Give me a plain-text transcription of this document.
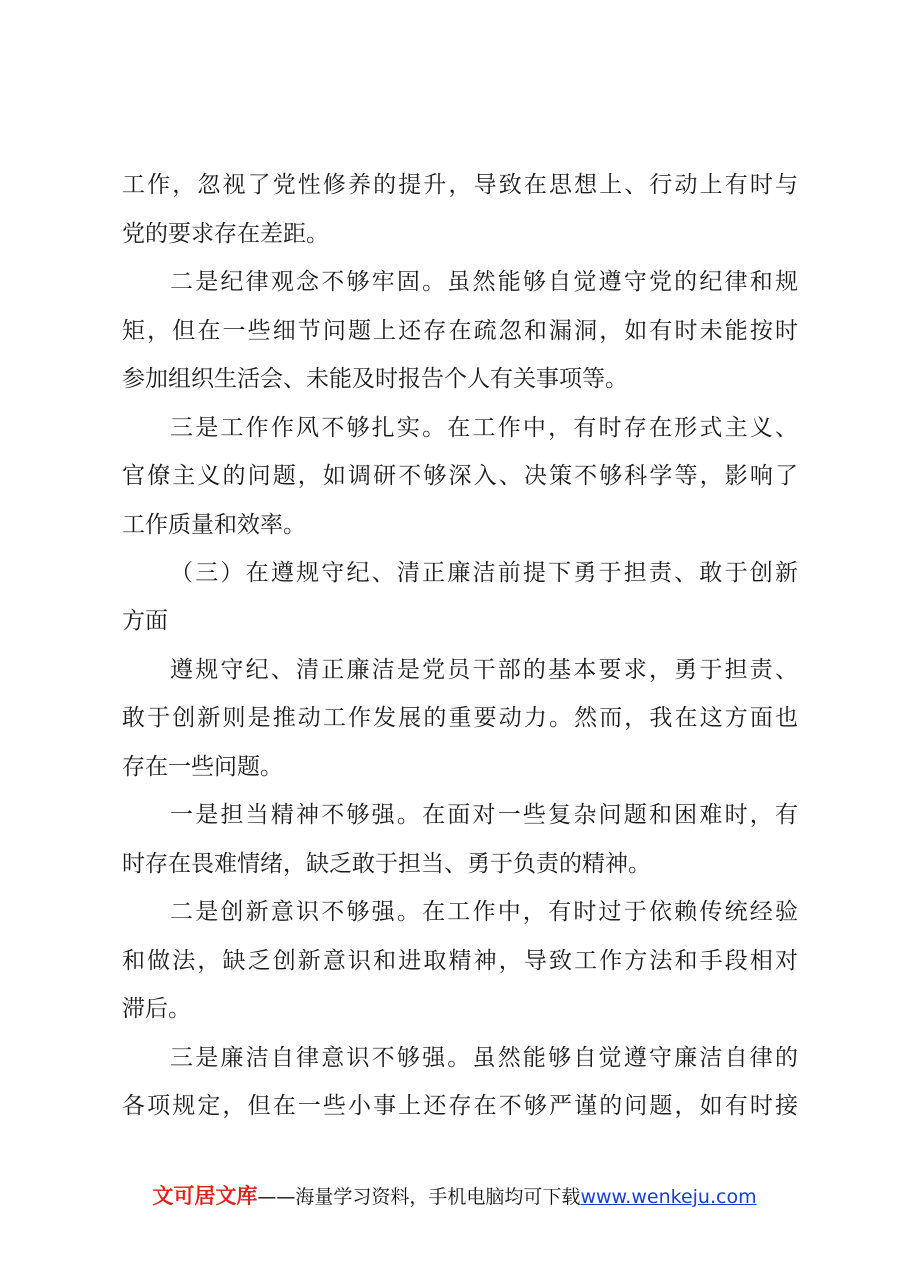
工作，忽视了党性修养的提升，导致在思想上、行动上有时与
党的要求存在差距。
二是纪律观念不够牢固。虽然能够自觉遵守党的纪律和规
矩，但在一些细节问题上还存在疏忽和漏洞，如有时未能按时
参加组织生活会、未能及时报告个人有关事项等。
三是工作作风不够扎实。在工作中，有时存在形式主义、
官僚主义的问题，如调研不够深入、决策不够科学等，影响了
工作质量和效率。
（三）在遵规守纪、清正廉洁前提下勇于担责、敢于创新
方面
遵规守纪、清正廉洁是党员干部的基本要求，勇于担责、
敢于创新则是推动工作发展的重要动力。然而，我在这方面也
存在一些问题。
一是担当精神不够强。在面对一些复杂问题和困难时，有
时存在畏难情绪，缺乏敢于担当、勇于负责的精神。
二是创新意识不够强。在工作中，有时过于依赖传统经验
和做法，缺乏创新意识和进取精神，导致工作方法和手段相对
滞后。
三是廉洁自律意识不够强。虽然能够自觉遵守廉洁自律的
各项规定，但在一些小事上还存在不够严谨的问题，如有时接
文可居文库——海量学习资料，手机电脑均可下载www.wenkeju.com
